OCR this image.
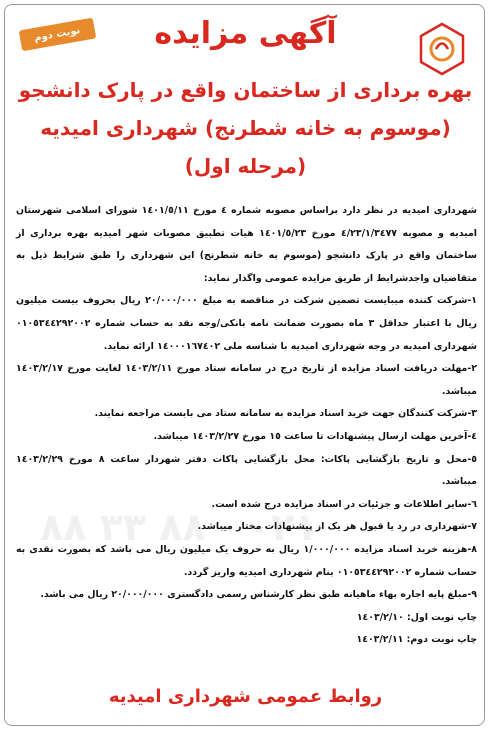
نوبت دوم	آگهی مزایده
بهره برداری از ساختمان واقع در پارک دانشجو
(موسوم به خانه شطرنج) شهرداری امیدیه
(مرحله اول)
٠٢١ - ٨٨ ٣٣ ٨٨

شهرداری امیدیه در نظر دارد براساس مصوبه شماره ٤ مورخ ١٤٠١/٥/١١ شورای اسلامی شهرستان امیدیه و مصوبه ٤/٢٣/١/٣٤٧٧ مورخ ١٤٠١/٥/٢٣ هیات تطبیق مصوبات شهر امیدیه بهره برداری از ساختمان واقع در پارک دانشجو (موسوم به خانه شطرنج) این شهرداری را طبق شرایط ذیل به متقاضیان واجدشرایط از طریق مزایده عمومی واگذار نماید:

١-شرکت کننده میبایست تضمین شرکت در مناقصه به مبلغ ٢٠/٠٠٠/٠٠٠ ریال بحروف بیست میلیون ریال با اعتبار حداقل ٣ ماه بصورت ضمانت نامه بانکی/وجه نقد به حساب شماره ٠١٠٥٣٤٤٢٩٢٠٠٢ شهرداری امیدیه در وجه شهرداری امیدیه با شناسه ملی ١٤٠٠٠١٦٧٤٠٢ ارائه نماید.

٢-مهلت دریافت اسناد مزایده از تاریخ درج در سامانه ستاد مورخ ١٤٠٣/٢/١١ لغایت مورخ ١٤٠٣/٢/١٧ میباشد.

٣-شرکت کنندگان جهت خرید اسناد مزایده به سامانه ستاد می بایست مراجعه نمایند.

٤-آخرین مهلت ارسال پیشنهادات تا ساعت ١٥ مورخ ١٤٠٣/٢/٢٧ میباشد.

٥-محل و تاریخ بازگشایی پاکات: محل بازگشایی پاکات دفتر شهردار ساعت ٨ مورخ ١٤٠٣/٢/٢٩ میباشد.

٦-سایر اطلاعات و جزئیات در اسناد مزایده درج شده است.

٧-شهرداری در رد یا قبول هر یک از پیشنهادات مختار میباشد.

٨-هزینه خرید اسناد مزایده ١/٠٠٠/٠٠٠ ریال به حروف یک میلیون ریال می باشد که بصورت نقدی به حساب شماره ٠١٠٥٣٤٤٢٩٢٠٠٢ بنام شهرداری امیدیه واریز گردد.

٩-مبلغ پایه اجاره بهاء ماهیانه طبق نظر کارشناس رسمی دادگستری ٢٠/٠٠٠/٠٠٠ ریال می باشد.

چاپ نوبت اول: ١٤٠٣/٢/١٠

چاپ نوبت دوم: ١٤٠٣/٢/١١

روابط عمومی شهرداری امیدیه
